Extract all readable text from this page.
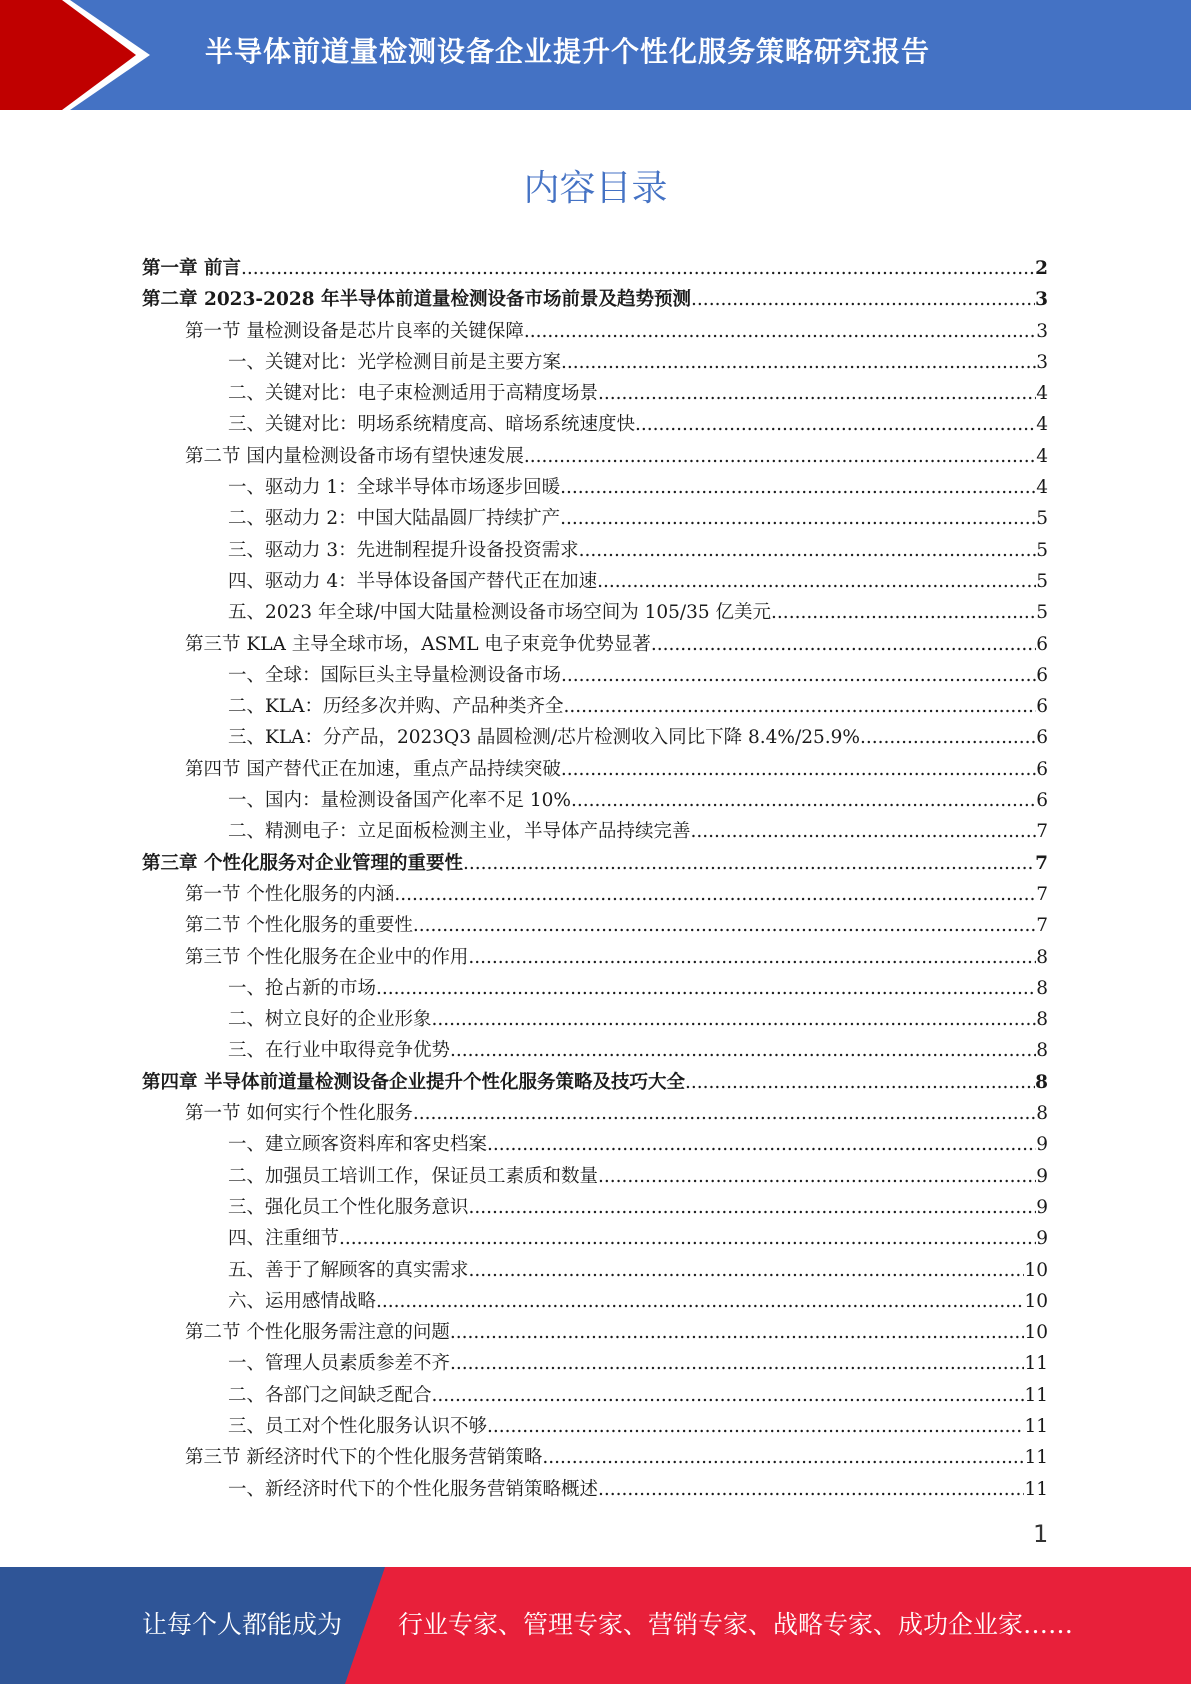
半导体前道量检测设备企业提升个性化服务策略研究报告
内容目录
第一章 前言 .....	2
第二章 2023-2028 年半导体前道量检测设备市场前景及趋势预测 .....	3
第一节 量检测设备是芯片良率的关键保障 .....	3
一、关键对比：光学检测目前是主要方案 .....	3
二、关键对比：电子束检测适用于高精度场景 .....	4
三、关键对比：明场系统精度高、暗场系统速度快 .....	4
第二节 国内量检测设备市场有望快速发展 .....	4
一、驱动力 1：全球半导体市场逐步回暖 .....	4
二、驱动力 2：中国大陆晶圆厂持续扩产 .....	5
三、驱动力 3：先进制程提升设备投资需求 .....	5
四、驱动力 4：半导体设备国产替代正在加速 .....	5
五、2023 年全球/中国大陆量检测设备市场空间为 105/35 亿美元 .....	5
第三节 KLA 主导全球市场，ASML 电子束竞争优势显著 .....	6
一、全球：国际巨头主导量检测设备市场 .....	6
二、KLA：历经多次并购、产品种类齐全 .....	6
三、KLA：分产品，2023Q3 晶圆检测/芯片检测收入同比下降 8.4%/25.9% .....	6
第四节 国产替代正在加速，重点产品持续突破 .....	6
一、国内：量检测设备国产化率不足 10% .....	6
二、精测电子：立足面板检测主业，半导体产品持续完善 .....	7
第三章 个性化服务对企业管理的重要性 .....	7
第一节 个性化服务的内涵 .....	7
第二节 个性化服务的重要性 .....	7
第三节 个性化服务在企业中的作用 .....	8
一、抢占新的市场 .....	8
二、树立良好的企业形象 .....	8
三、在行业中取得竞争优势 .....	8
第四章 半导体前道量检测设备企业提升个性化服务策略及技巧大全 .....	8
第一节 如何实行个性化服务 .....	8
一、建立顾客资料库和客史档案 .....	9
二、加强员工培训工作，保证员工素质和数量 .....	9
三、强化员工个性化服务意识 .....	9
四、注重细节 .....	9
五、善于了解顾客的真实需求 .....	10
六、运用感情战略 .....	10
第二节 个性化服务需注意的问题 .....	10
一、管理人员素质参差不齐 .....	11
二、各部门之间缺乏配合 .....	11
三、员工对个性化服务认识不够 .....	11
第三节 新经济时代下的个性化服务营销策略 .....	11
一、新经济时代下的个性化服务营销策略概述 .....	11
1
让每个人都能成为 行业专家、管理专家、营销专家、战略专家、成功企业家……
